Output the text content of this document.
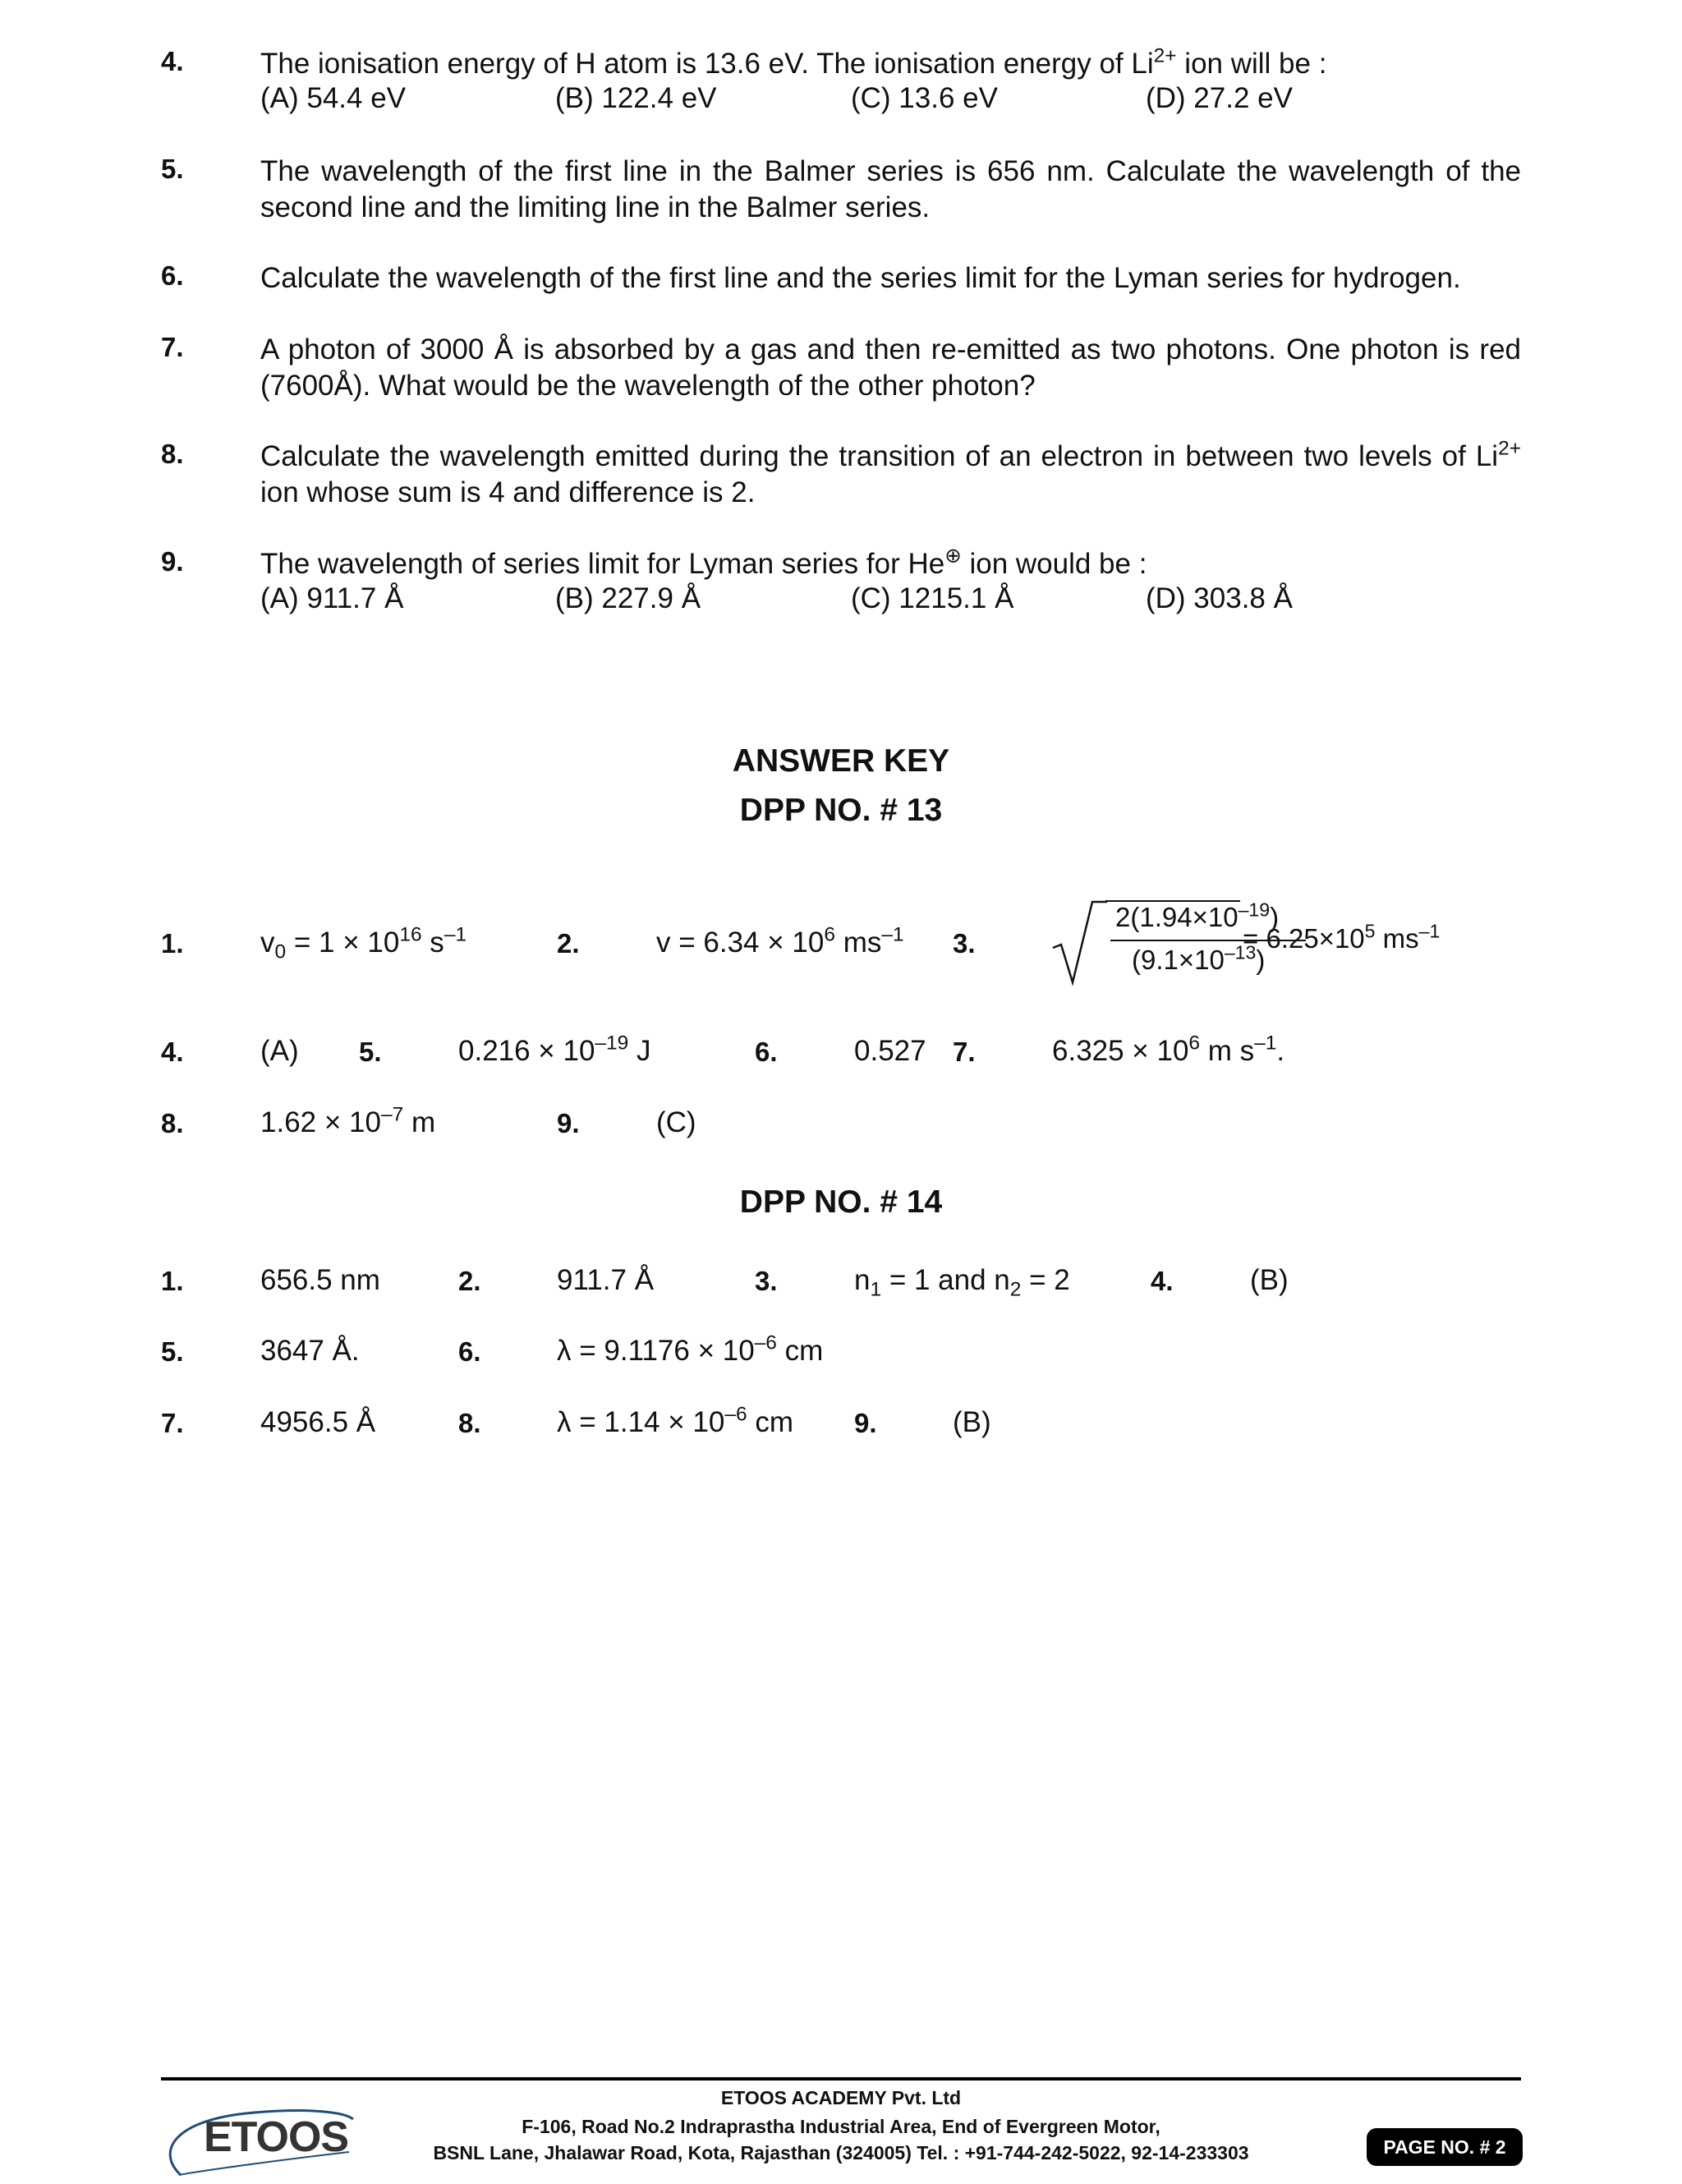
4.	The ionisation energy of H atom is 13.6 eV. The ionisation energy of $Li^{2+}$ ion will be :
(A) 54.4 eV	(B) 122.4 eV	(C) 13.6 eV	(D) 27.2 eV
5.	The wavelength of the first line in the Balmer series is 656 nm. Calculate the wavelength of the second line and the limiting line in the Balmer series.
6.	Calculate the wavelength of the first line and the series limit for the Lyman series for hydrogen.
7.	A photon of 3000 Å is absorbed by a gas and then re-emitted as two photons. One photon is red (7600Å). What would be the wavelength of the other photon?
8.	Calculate the wavelength emitted during the transition of an electron in between two levels of $Li^{2+}$ ion whose sum is 4 and difference is 2.
9.	The wavelength of series limit for Lyman series for He⊕ ion would be :
(A) 911.7 Å	(B) 227.9 Å	(C) 1215.1 Å	(D) 303.8 Å
ANSWER KEY
DPP NO. # 13
1.	$v_0 = 1 \times 10^{16}$ $s^{-1}$	2.	$v = 6.34 \times 10^6$ $ms^{-1}$ 3.
$2(1.94\times 10^{-19})$
$(9.1\times 10^{-13})$
= $6.25\times 10^5$ $ms^{-1}$
4.	(A) 5.	$0.216 \times 10^{-19}$ J	6.	0.527 7.	$6.325 \times 10^6$ m $s^{-1}$.
8.	$1.62 \times 10^{-7}$ m	9.	(C)
DPP NO. # 14
1.	656.5 nm	2.	911.7 Å	3.	$n_1 = 1$ and $n_2 = 2$	4.	(B)
5.	3647 Å.	6.	$\lambda = 9.1176 \times 10^{-6}$ cm
7.	4956.5 Å	8.	$\lambda = 1.14 \times 10^{-6}$ cm 9.	(B)
ETOOS
ETOOS ACADEMY Pvt. Ltd
F-106, Road No.2 Indraprastha Industrial Area, End of Evergreen Motor,
BSNL Lane, Jhalawar Road, Kota, Rajasthan (324005) Tel. : +91-744-242-5022, 92-14-233303	PAGE NO. # 2
